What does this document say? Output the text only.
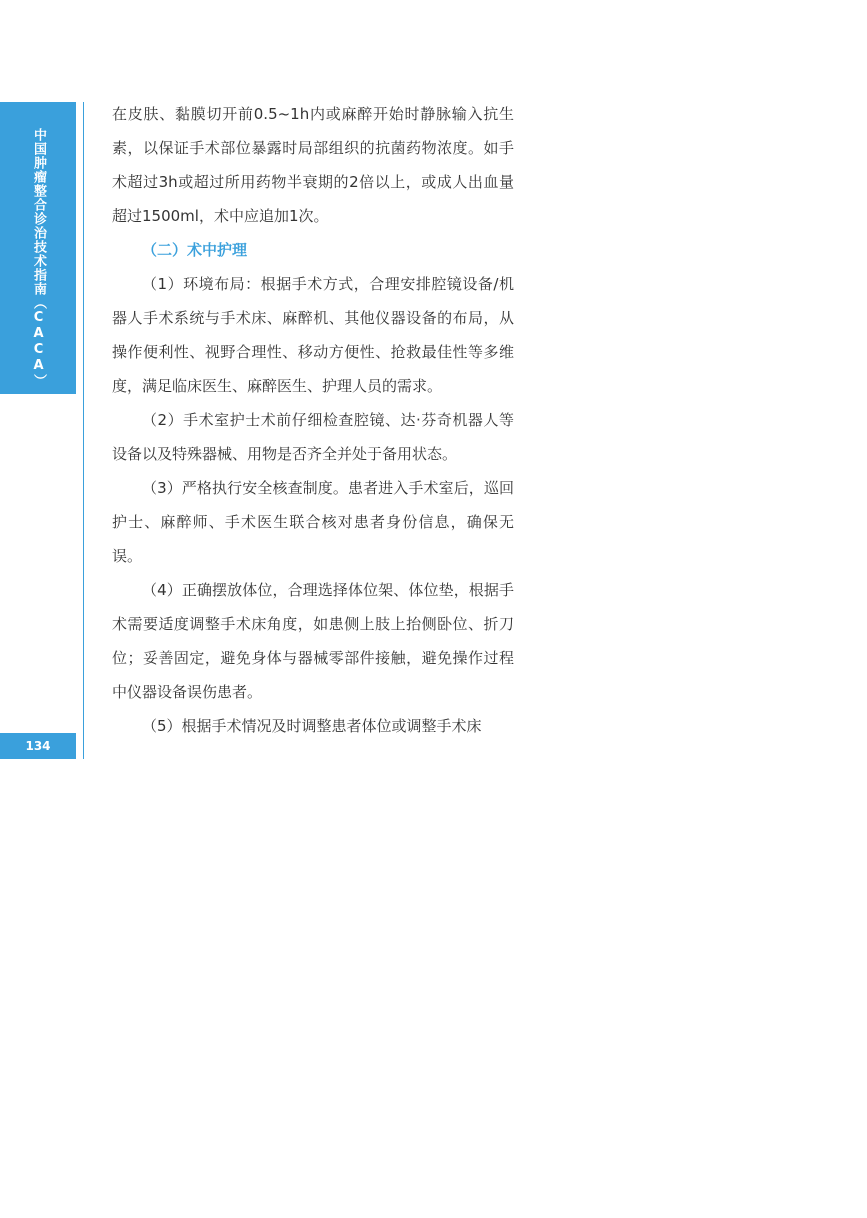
中国肿瘤整合诊治技术指南（CACA）
134

在皮肤、黏膜切开前0.5~1h内或麻醉开始时静脉输入抗生素，以保证手术部位暴露时局部组织的抗菌药物浓度。如手术超过3h或超过所用药物半衰期的2倍以上，或成人出血量超过1500ml，术中应追加1次。

（二）术中护理

（1）环境布局：根据手术方式，合理安排腔镜设备/机器人手术系统与手术床、麻醉机、其他仪器设备的布局，从操作便利性、视野合理性、移动方便性、抢救最佳性等多维度，满足临床医生、麻醉医生、护理人员的需求。

（2）手术室护士术前仔细检查腔镜、达·芬奇机器人等设备以及特殊器械、用物是否齐全并处于备用状态。

（3）严格执行安全核查制度。患者进入手术室后，巡回护士、麻醉师、手术医生联合核对患者身份信息，确保无误。

（4）正确摆放体位，合理选择体位架、体位垫，根据手术需要适度调整手术床角度，如患侧上肢上抬侧卧位、折刀位；妥善固定，避免身体与器械零部件接触，避免操作过程中仪器设备误伤患者。

（5）根据手术情况及时调整患者体位或调整手术床
